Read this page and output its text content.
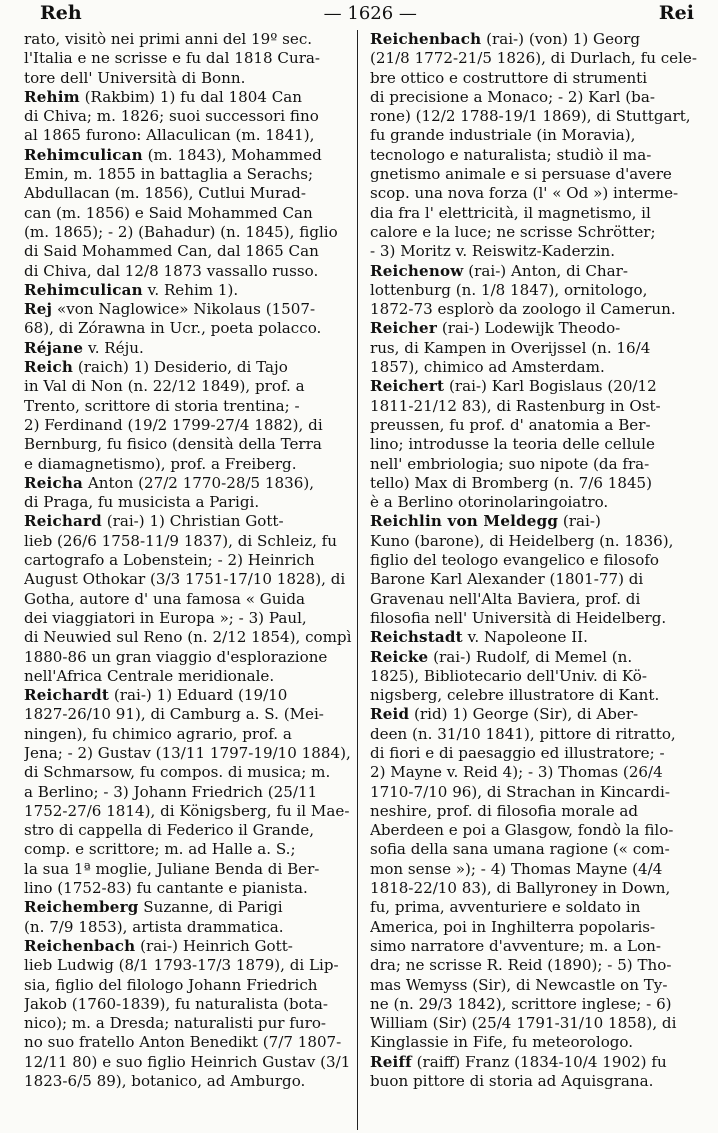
Reh	— 1626 —	Rei
rato, visitò nei primi anni del 19º sec.
l'Italia e ne scrisse e fu dal 1818 Cura-
tore dell' Università di Bonn.
Rehim (Rakbim) 1) fu dal 1804 Can
di Chiva; m. 1826; suoi successori fino
al 1865 furono: Allaculican (m. 1841),
Rehimculican (m. 1843), Mohammed
Emin, m. 1855 in battaglia a Serachs;
Abdullacan (m. 1856), Cutlui Murad-
can (m. 1856) e Said Mohammed Can
(m. 1865); - 2) (Bahadur) (n. 1845), figlio
di Said Mohammed Can, dal 1865 Can
di Chiva, dal 12/8 1873 vassallo russo.
Rehimculican v. Rehim 1).
Rej «von Naglowice» Nikolaus (1507-
68), di Zórawna in Ucr., poeta polacco.
Réjane v. Réju.
Reich (raich) 1) Desiderio, di Tajo
in Val di Non (n. 22/12 1849), prof. a
Trento, scrittore di storia trentina; -
2) Ferdinand (19/2 1799-27/4 1882), di
Bernburg, fu fisico (densità della Terra
e diamagnetismo), prof. a Freiberg.
Reicha Anton (27/2 1770-28/5 1836),
di Praga, fu musicista a Parigi.
Reichard (rai-) 1) Christian Gott-
lieb (26/6 1758-11/9 1837), di Schleiz, fu
cartografo a Lobenstein; - 2) Heinrich
August Othokar (3/3 1751-17/10 1828), di
Gotha, autore d' una famosa « Guida
dei viaggiatori in Europa »; - 3) Paul,
di Neuwied sul Reno (n. 2/12 1854), compì
1880-86 un gran viaggio d'esplorazione
nell'Africa Centrale meridionale.
Reichardt (rai-) 1) Eduard (19/10
1827-26/10 91), di Camburg a. S. (Mei-
ningen), fu chimico agrario, prof. a
Jena; - 2) Gustav (13/11 1797-19/10 1884),
di Schmarsow, fu compos. di musica; m.
a Berlino; - 3) Johann Friedrich (25/11
1752-27/6 1814), di Königsberg, fu il Mae-
stro di cappella di Federico il Grande,
comp. e scrittore; m. ad Halle a. S.;
la sua 1ª moglie, Juliane Benda di Ber-
lino (1752-83) fu cantante e pianista.
Reichemberg Suzanne, di Parigi
(n. 7/9 1853), artista drammatica.
Reichenbach (rai-) Heinrich Gott-
lieb Ludwig (8/1 1793-17/3 1879), di Lip-
sia, figlio del filologo Johann Friedrich
Jakob (1760-1839), fu naturalista (bota-
nico); m. a Dresda; naturalisti pur furo-
no suo fratello Anton Benedikt (7/7 1807-
12/11 80) e suo figlio Heinrich Gustav (3/1
1823-6/5 89), botanico, ad Amburgo.
Reichenbach (rai-) (von) 1) Georg
(21/8 1772-21/5 1826), di Durlach, fu cele-
bre ottico e costruttore di strumenti
di precisione a Monaco; - 2) Karl (ba-
rone) (12/2 1788-19/1 1869), di Stuttgart,
fu grande industriale (in Moravia),
tecnologo e naturalista; studiò il ma-
gnetismo animale e si persuase d'avere
scop. una nova forza (l' « Od ») interme-
dia fra l' elettricità, il magnetismo, il
calore e la luce; ne scrisse Schrötter;
- 3) Moritz v. Reiswitz-Kaderzin.
Reichenow (rai-) Anton, di Char-
lottenburg (n. 1/8 1847), ornitologo,
1872-73 esplorò da zoologo il Camerun.
Reicher (rai-) Lodewijk Theodo-
rus, di Kampen in Overijssel (n. 16/4
1857), chimico ad Amsterdam.
Reichert (rai-) Karl Bogislaus (20/12
1811-21/12 83), di Rastenburg in Ost-
preussen, fu prof. d' anatomia a Ber-
lino; introdusse la teoria delle cellule
nell' embriologia; suo nipote (da fra-
tello) Max di Bromberg (n. 7/6 1845)
è a Berlino otorinolaringoiatro.
Reichlin von Meldegg (rai-)
Kuno (barone), di Heidelberg (n. 1836),
figlio del teologo evangelico e filosofo
Barone Karl Alexander (1801-77) di
Gravenau nell'Alta Baviera, prof. di
filosofia nell' Università di Heidelberg.
Reichstadt v. Napoleone II.
Reicke (rai-) Rudolf, di Memel (n.
1825), Bibliotecario dell'Univ. di Kö-
nigsberg, celebre illustratore di Kant.
Reid (rid) 1) George (Sir), di Aber-
deen (n. 31/10 1841), pittore di ritratto,
di fiori e di paesaggio ed illustratore; -
2) Mayne v. Reid 4); - 3) Thomas (26/4
1710-7/10 96), di Strachan in Kincardi-
neshire, prof. di filosofia morale ad
Aberdeen e poi a Glasgow, fondò la filo-
sofia della sana umana ragione (« com-
mon sense »); - 4) Thomas Mayne (4/4
1818-22/10 83), di Ballyroney in Down,
fu, prima, avventuriere e soldato in
America, poi in Inghilterra popolaris-
simo narratore d'avventure; m. a Lon-
dra; ne scrisse R. Reid (1890); - 5) Tho-
mas Wemyss (Sir), di Newcastle on Ty-
ne (n. 29/3 1842), scrittore inglese; - 6)
William (Sir) (25/4 1791-31/10 1858), di
Kinglassie in Fife, fu meteorologo.
Reiff (raiff) Franz (1834-10/4 1902) fu
buon pittore di storia ad Aquisgrana.
